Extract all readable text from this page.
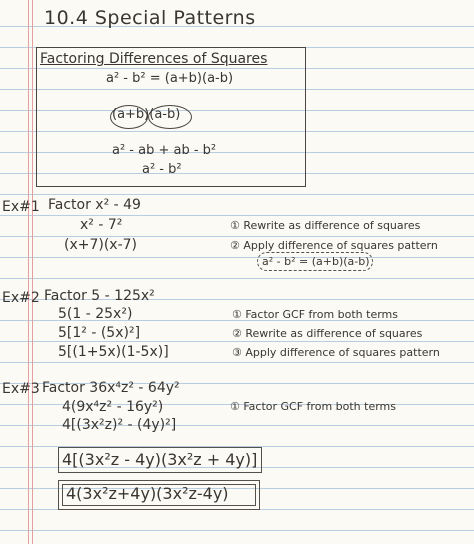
10.4 Special Patterns
Factoring Differences of Squares
a² - b² = (a+b)(a-b)
(a+b)(a-b)
a² - ab + ab - b²
a² - b²
Ex#1 Factor x² - 49
x² - 7²
(x+7)(x-7)
① Rewrite as difference of squares
② Apply difference of squares pattern
a² - b² = (a+b)(a-b)
Ex#2 Factor 5 - 125x²
5(1 - 25x²)
5[1² - (5x)²]
5[(1+5x)(1-5x)]
① Factor GCF from both terms
② Rewrite as difference of squares
③ Apply difference of squares pattern
Ex#3 Factor 36x⁴z² - 64y²
4(9x⁴z² - 16y²)
4[(3x²z)² - (4y)²]
① Factor GCF from both terms
4[(3x²z - 4y)(3x²z + 4y)]
4(3x²z+4y)(3x²z-4y)
